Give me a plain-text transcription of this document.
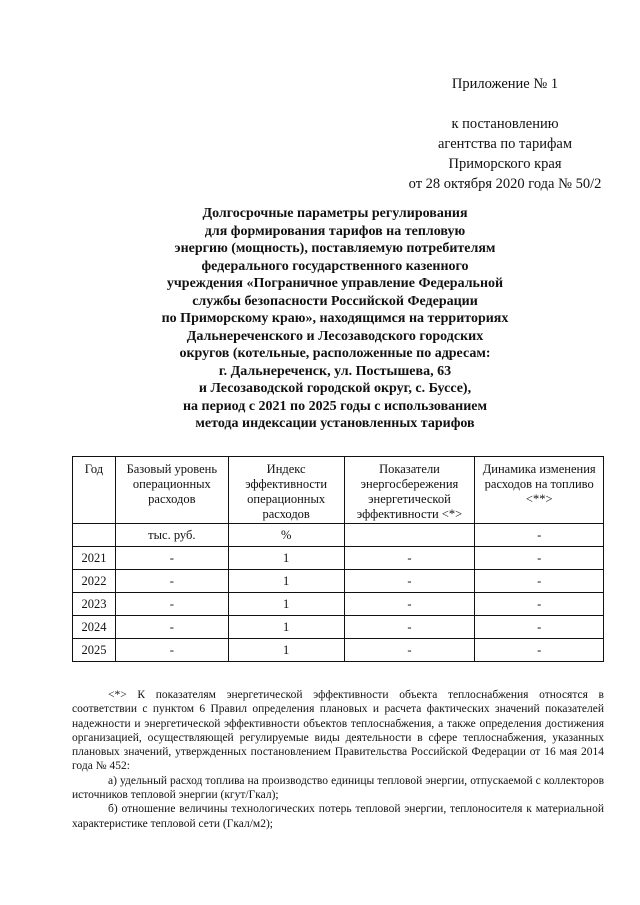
Приложение № 1
к постановлению
агентства по тарифам
Приморского края
от 28 октября 2020 года № 50/2
Долгосрочные параметры регулирования
для формирования тарифов на тепловую
энергию (мощность), поставляемую потребителям
федерального государственного казенного
учреждения «Пограничное управление Федеральной
службы безопасности Российской Федерации
по Приморскому краю», находящимся на территориях
Дальнереченского и Лесозаводского городских
округов (котельные, расположенные по адресам:
г. Дальнереченск, ул. Постышева, 63
и Лесозаводской городской округ, с. Буссе),
на период с 2021 по 2025 годы с использованием
метода индексации установленных тарифов
Год	Базовый уровень операционных расходов	Индекс эффективности операционных расходов	Показатели энергосбережения энергетической эффективности <*>	Динамика изменения расходов на топливо <**>
	тыс. руб.	%		-
2021	-	1	-	-
2022	-	1	-	-
2023	-	1	-	-
2024	-	1	-	-
2025	-	1	-	-

<*> К показателям энергетической эффективности объекта теплоснабжения относятся в соответствии с пунктом 6 Правил определения плановых и расчета фактических значений показателей надежности и энергетической эффективности объектов теплоснабжения, а также определения достижения организацией, осуществляющей регулируемые виды деятельности в сфере теплоснабжения, указанных плановых значений, утвержденных постановлением Правительства Российской Федерации от 16 мая 2014 года № 452:

а) удельный расход топлива на производство единицы тепловой энергии, отпускаемой с коллекторов источников тепловой энергии (кгут/Гкал);

б) отношение величины технологических потерь тепловой энергии, теплоносителя к материальной характеристике тепловой сети (Гкал/м2);
